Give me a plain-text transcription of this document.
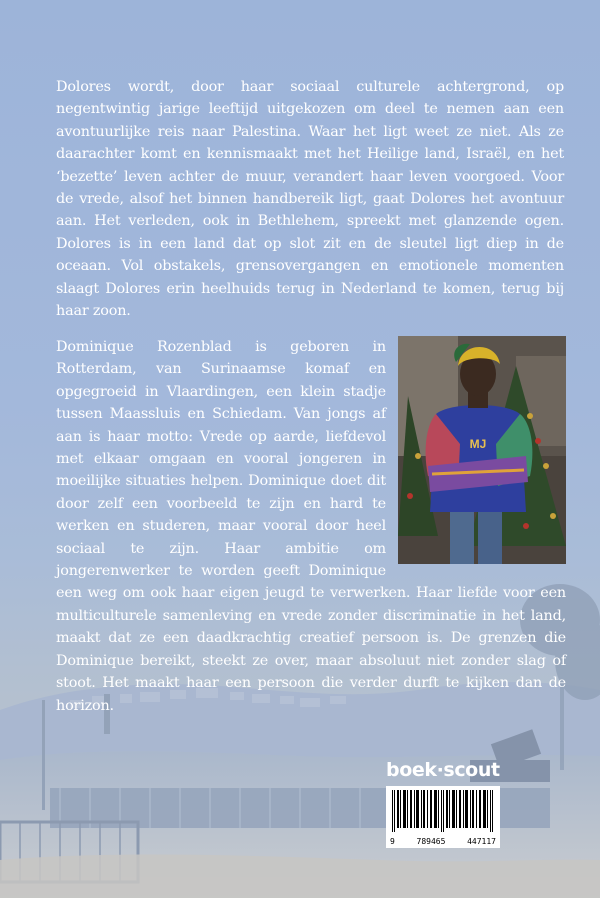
Dolores wordt, door haar sociaal culturele achtergrond, op negentwintig jarige leeftijd uitgekozen om deel te nemen aan een avontuurlijke reis naar Palestina. Waar het ligt weet ze niet. Als ze daarachter komt en kennismaakt met het Heilige land, Israël, en het ‘bezette’ leven achter de muur, verandert haar leven voorgoed. Voor de vrede, alsof het binnen handbereik ligt, gaat Dolores het avontuur aan. Het verleden, ook in Bethlehem, spreekt met glanzende ogen. Dolores is in een land dat op slot zit en de sleutel ligt diep in de oceaan. Vol obstakels, grensovergangen en emotionele momenten slaagt Dolores erin heelhuids terug in Nederland te komen, terug bij haar zoon.

MJ

Dominique Rozenblad is geboren in Rotterdam, van Surinaamse komaf en opgegroeid in Vlaardingen, een klein stadje tussen Maassluis en Schiedam. Van jongs af aan is haar motto: Vrede op aarde, liefdevol met elkaar omgaan en vooral jongeren in moeilijke situaties helpen. Dominique doet dit door zelf een voorbeeld te zijn en hard te werken en studeren, maar vooral door heel sociaal te zijn. Haar ambitie om jongerenwerker te worden geeft Dominique een weg om ook haar eigen jeugd te verwerken. Haar liefde voor een multiculturele samenleving en vrede zonder discriminatie in het land, maakt dat ze een daadkrachtig creatief persoon is. De grenzen die Dominique bereikt, steekt ze over, maar absoluut niet zonder slag of stoot. Het maakt haar een persoon die verder durft te kijken dan de horizon.

boek·scout
9	789465	447117
